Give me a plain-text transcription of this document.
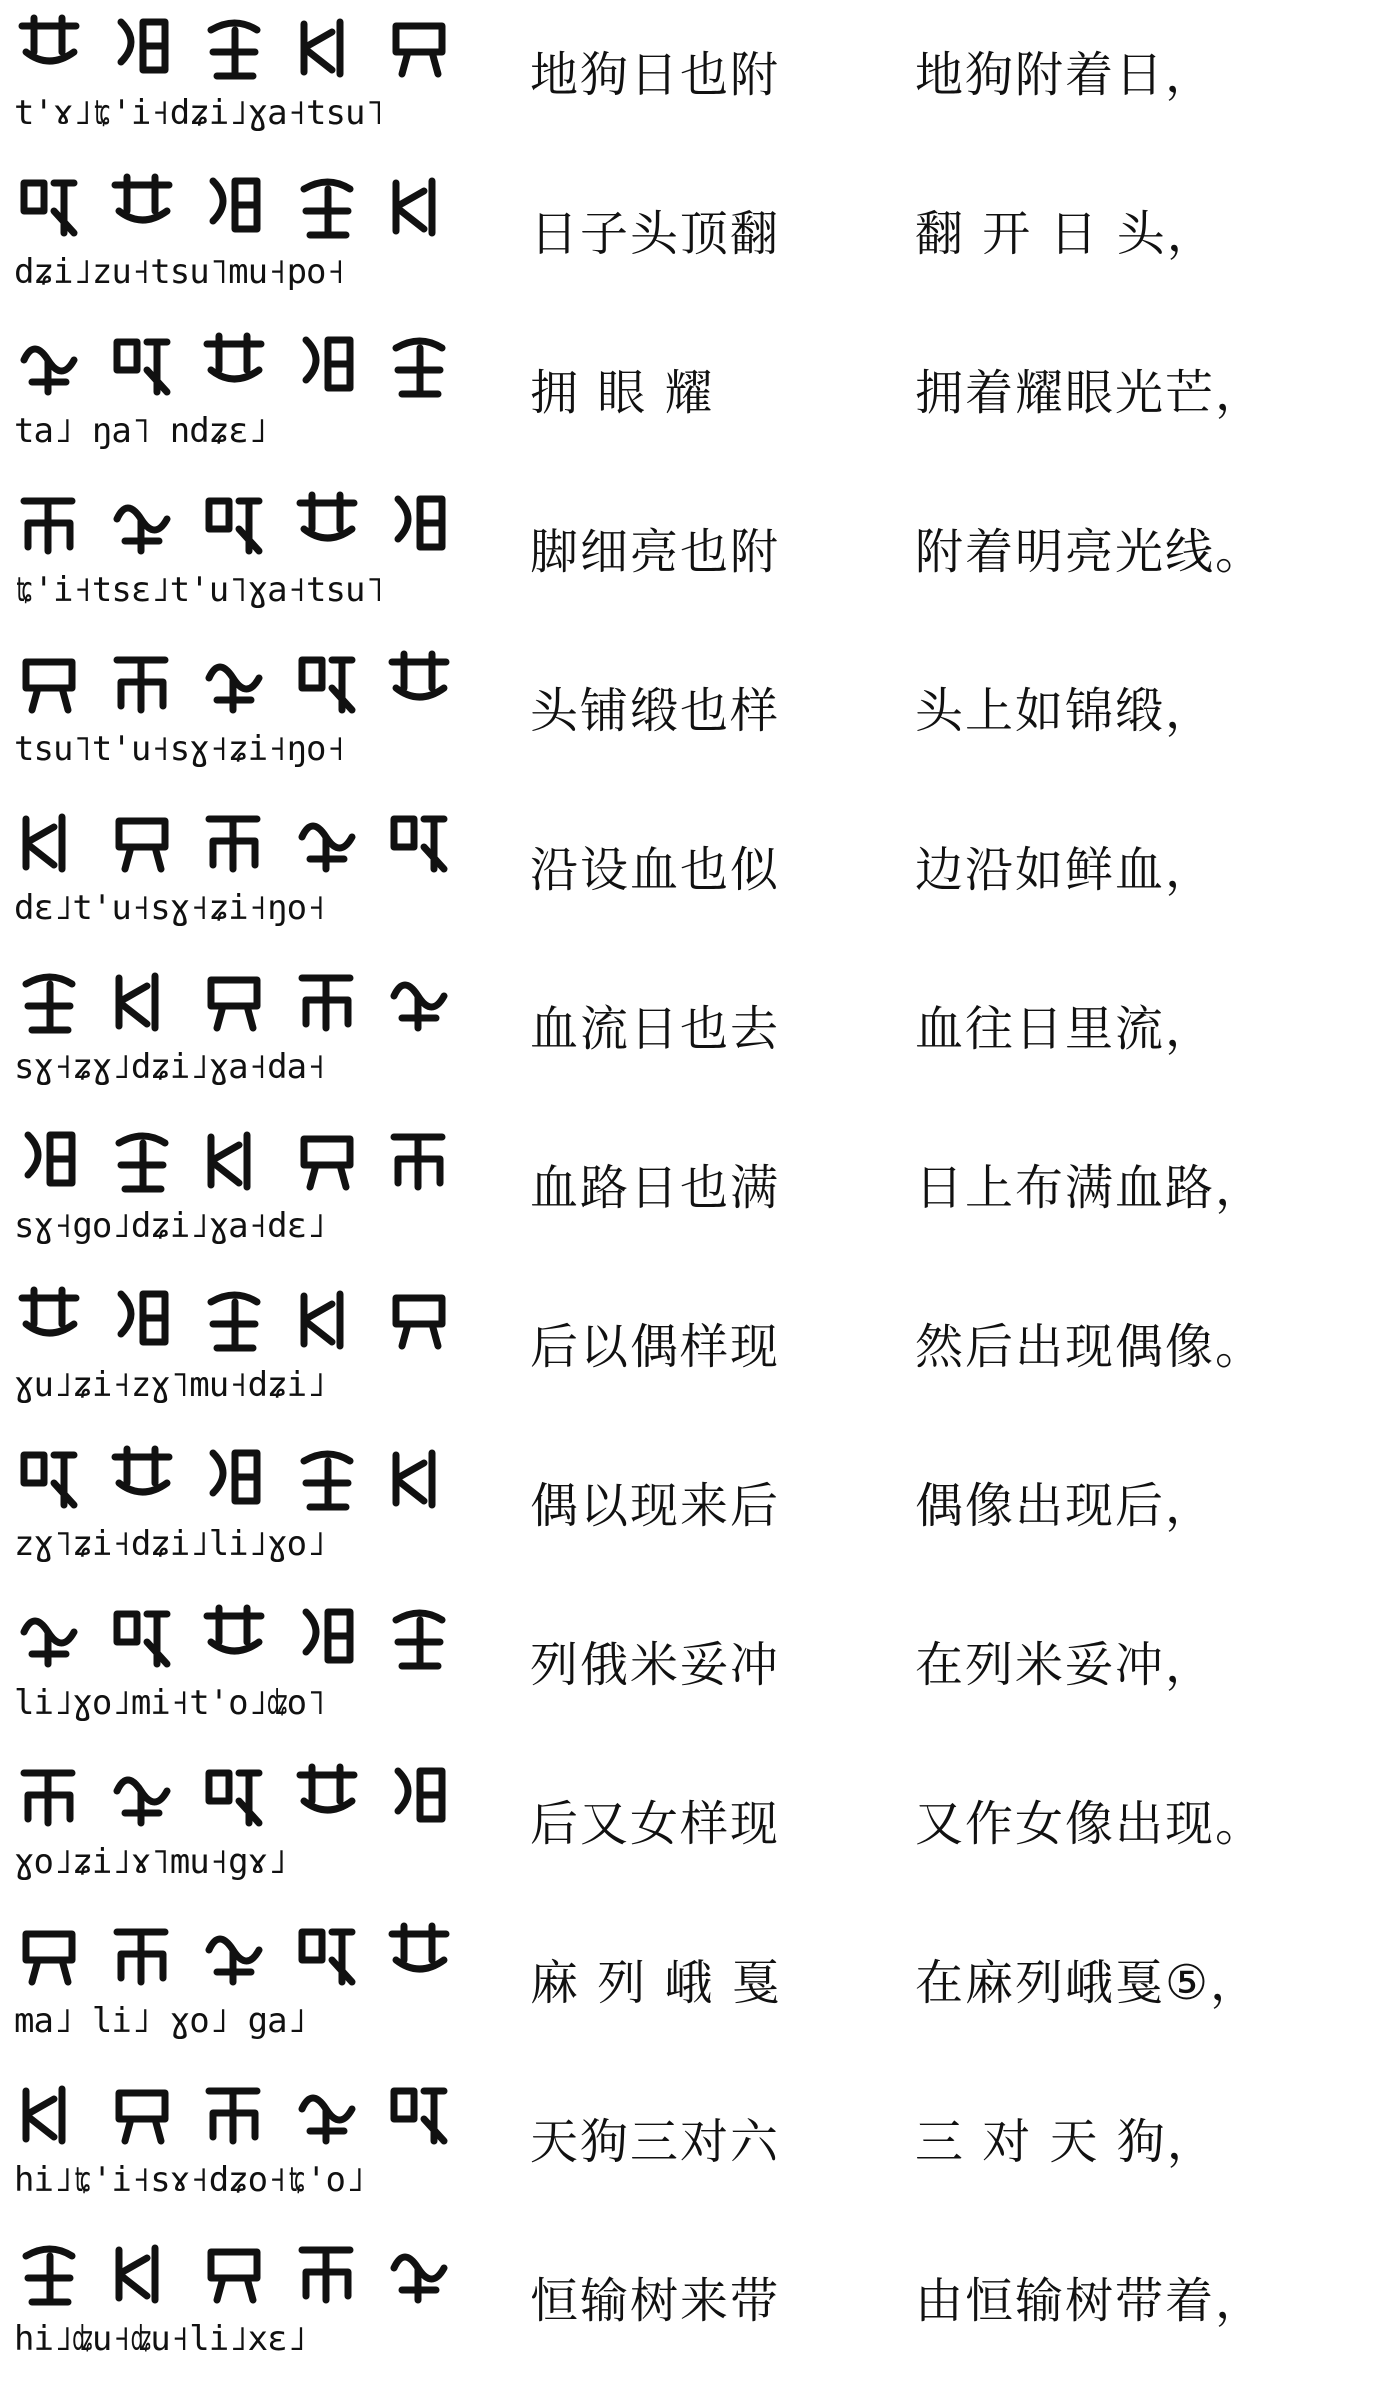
t'ɤ˩ʨ'i˧dʑi˩ɣa˧tsu˥
地狗日也附	地狗附着日，
dʑi˩zu˧tsu˥mu˧po˧
日子头顶翻	翻 开 日 头，
ta˩ ŋa˥ ndʑɛ˩
拥 眼 耀	拥着耀眼光芒，
ʨ'i˧tsɛ˩t'u˥ɣa˧tsu˥
脚细亮也附	附着明亮光线。
tsu˥t'u˧sɣ˧ʑi˧ŋo˧
头铺缎也样	头上如锦缎，
dɛ˩t'u˧sɣ˧ʑi˧ŋo˧
沿设血也似	边沿如鲜血，
sɣ˧ʑɣ˩dʑi˩ɣa˧da˧
血流日也去	血往日里流，
sɣ˧go˩dʑi˩ɣa˧dɛ˩
血路日也满	日上布满血路，
ɣu˩ʑi˧zɣ˥mu˧dʑi˩
后以偶样现	然后出现偶像。
zɣ˥ʑi˧dʑi˩li˩ɣo˩
偶以现来后	偶像出现后，
li˩ɣo˩mi˧t'o˩ʥo˥
列俄米妥冲	在列米妥冲，
ɣo˩ʑi˩ɤ˥mu˧gɤ˩
后又女样现	又作女像出现。
ma˩ li˩ ɣo˩ ga˩
麻 列 峨 戛	在麻列峨戛⑤，
hi˩ʨ'i˧sɤ˧dʑo˧ʨ'o˩
天狗三对六	三 对 天 狗，
hi˩ʥu˧ʥu˧li˩xɛ˩
恒输树来带	由恒输树带着，
